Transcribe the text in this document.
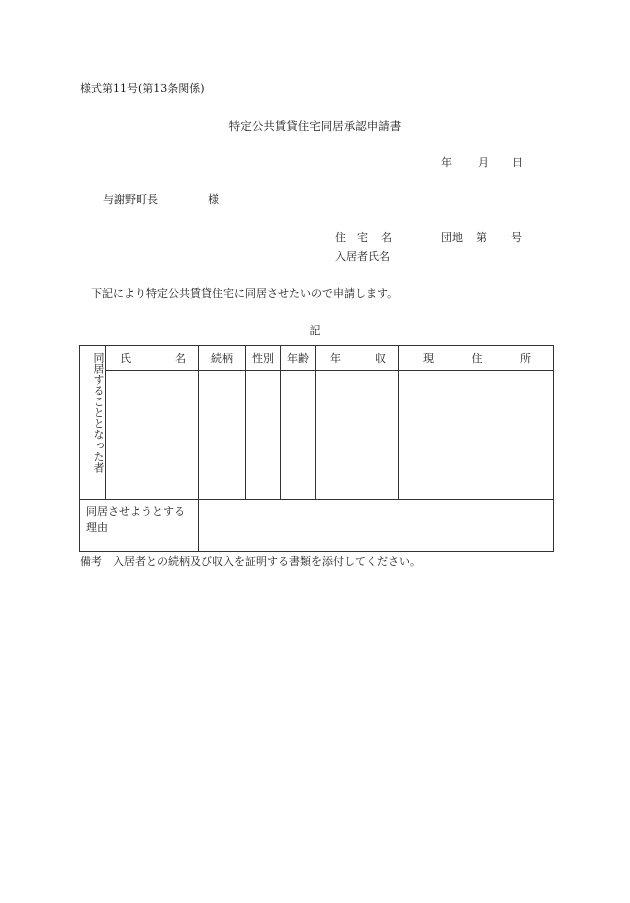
様式第11号(第13条関係)
特定公共賃貸住宅同居承認申請書
年 月 日
与謝野町長	様
住 宅 名	団地 第 号
入居者氏名
下記により特定公共賃貸住宅に同居させたいので申請します。
記
同居することとなった者	氏 名	続柄	性別	年齢	年 収	現 住 所

同居させようとする理由						
備考　入居者との続柄及び収入を証明する書類を添付してください。
